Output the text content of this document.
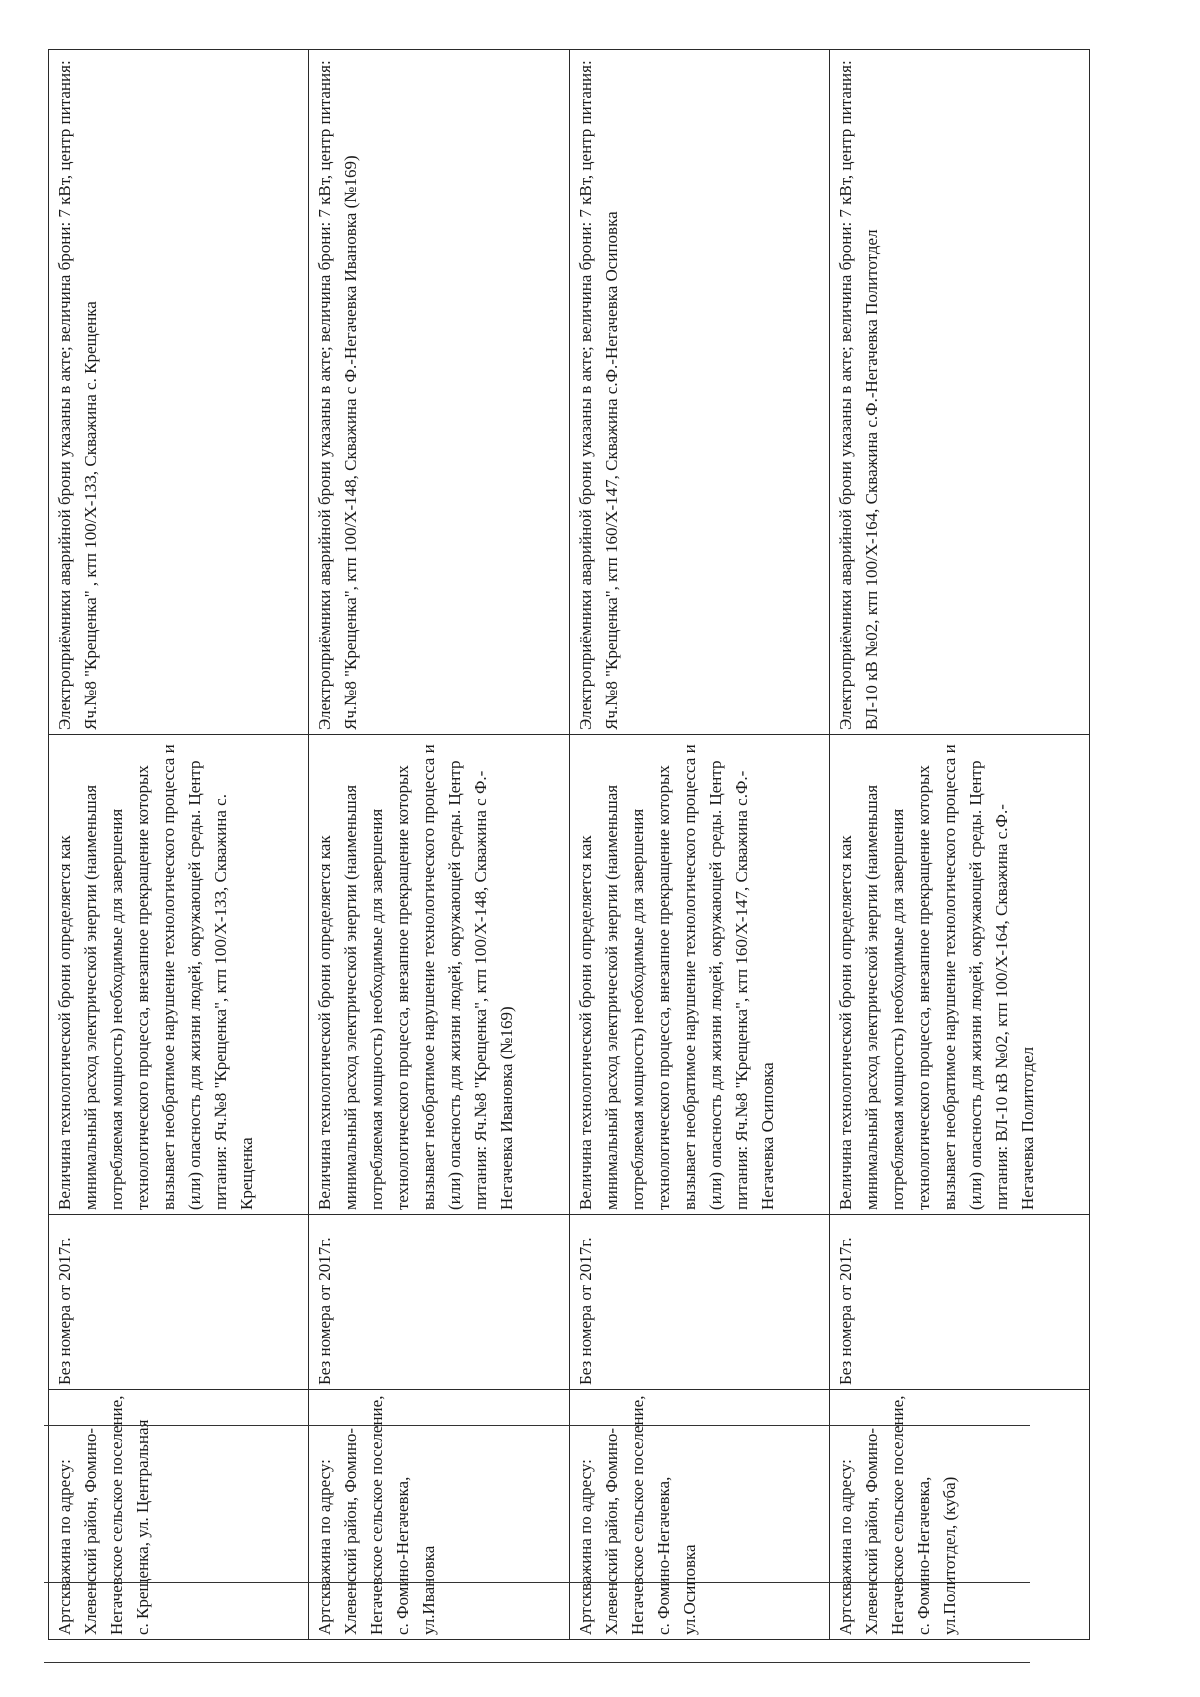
Артскважина по адресу: Хлевенский район, Фомино-Негачевское сельское поселение, с. Крещенка, ул. Центральная	Без номера от 2017г.	Величина технологической брони определяется как минимальный расход электрической энергии (наименьшая потребляемая мощность) необходимые для завершения технологического процесса, внезапное прекращение которых вызывает необратимое нарушение технологического процесса и (или) опасность для жизни людей, окружающей среды. Центр питания: Яч.№8 "Крещенка", ктп 100/Х-133, Скважина с. Крещенка	Электроприёмники аварийной брони указаны в акте; величина брони: 7 кВт, центр питания: Яч.№8 "Крещенка" , ктп 100/Х-133, Скважина с. Крещенка
Артскважина по адресу: Хлевенский район, Фомино-Негачевское сельское поселение, с. Фомино-Негачевка, ул.Ивановка	Без номера от 2017г.	Величина технологической брони определяется как минимальный расход электрической энергии (наименьшая потребляемая мощность) необходимые для завершения технологического процесса, внезапное прекращение которых вызывает необратимое нарушение технологического процесса и (или) опасность для жизни людей, окружающей среды. Центр питания: Яч.№8 "Крещенка", ктп 100/Х-148, Скважина с Ф.-Негачевка Ивановка (№169)	Электроприёмники аварийной брони указаны в акте; величина брони: 7 кВт, центр питания: Яч.№8 "Крещенка", ктп 100/Х-148, Скважина с Ф.-Негачевка Ивановка (№169)
Артскважина по адресу: Хлевенский район, Фомино-Негачевское сельское поселение, с. Фомино-Негачевка, ул.Осиповка	Без номера от 2017г.	Величина технологической брони определяется как минимальный расход электрической энергии (наименьшая потребляемая мощность) необходимые для завершения технологического процесса, внезапное прекращение которых вызывает необратимое нарушение технологического процесса и (или) опасность для жизни людей, окружающей среды. Центр питания: Яч.№8 "Крещенка", ктп 160/Х-147, Скважина с.Ф.-Негачевка Осиповка	Электроприёмники аварийной брони указаны в акте; величина брони: 7 кВт, центр питания: Яч.№8 "Крещенка", ктп 160/Х-147, Скважина с.Ф.-Негачевка Осиповка
Артскважина по адресу: Хлевенский район, Фомино-Негачевское сельское поселение, с. Фомино-Негачевка, ул.Политотдел, (куба)	Без номера от 2017г.	Величина технологической брони определяется как минимальный расход электрической энергии (наименьшая потребляемая мощность) необходимые для завершения технологического процесса, внезапное прекращение которых вызывает необратимое нарушение технологического процесса и (или) опасность для жизни людей, окружающей среды. Центр питания: ВЛ-10 кВ №02, ктп 100/Х-164, Скважина с.Ф.-Негачевка Политотдел	Электроприёмники аварийной брони указаны в акте; величина брони: 7 кВт, центр питания: ВЛ-10 кВ №02, ктп 100/Х-164, Скважина с.Ф.-Негачевка Политотдел
